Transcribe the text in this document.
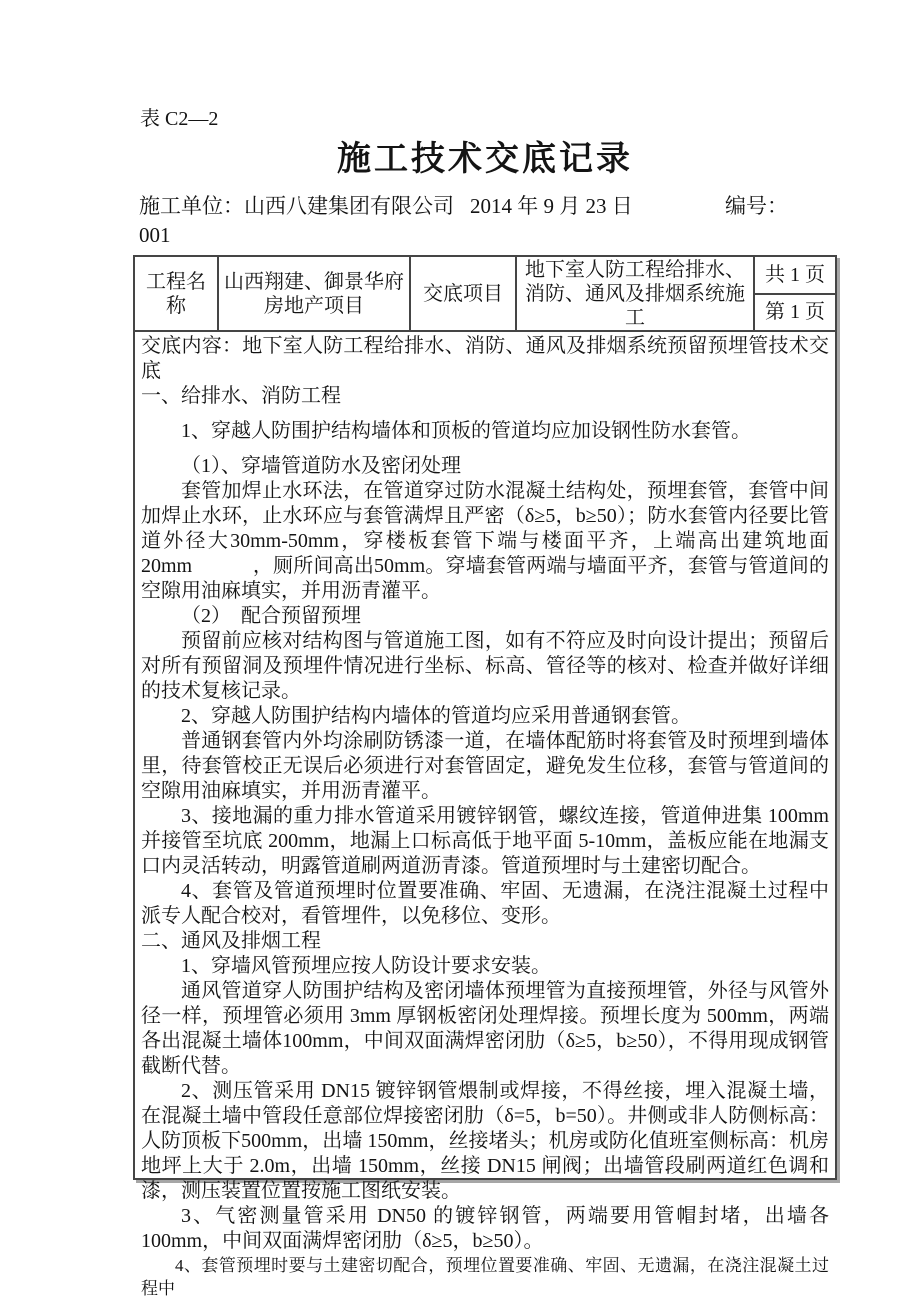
表 C2—2
施工技术交底记录
施工单位：山西八建集团有限公司 2014 年 9 月 23 日	编号：
001
工程名称
山西翔建、御景华府房地产项目
交底项目
地下室人防工程给排水、消防、通风及排烟系统施工
共 1 页
第 1 页

交底内容：地下室人防工程给排水、消防、通风及排烟系统预留预埋管技术交底

一、给排水、消防工程

1、穿越人防围护结构墙体和顶板的管道均应加设钢性防水套管。

（1）、穿墙管道防水及密闭处理

套管加焊止水环法，在管道穿过防水混凝土结构处，预埋套管，套管中间加焊止水环，止水环应与套管满焊且严密（δ≥5，b≥50）；防水套管内径要比管道外径大30mm-50mm，穿楼板套管下端与楼面平齐，上端高出建筑地面 20mm　　　，厕所间高出50mm。穿墙套管两端与墙面平齐，套管与管道间的空隙用油麻填实，并用沥青灌平。

（2）　配合预留预埋

预留前应核对结构图与管道施工图，如有不符应及时向设计提出；预留后对所有预留洞及预埋件情况进行坐标、标高、管径等的核对、检查并做好详细的技术复核记录。

2、穿越人防围护结构内墙体的管道均应采用普通钢套管。

普通钢套管内外均涂刷防锈漆一道，在墙体配筋时将套管及时预埋到墙体里，待套管校正无误后必须进行对套管固定，避免发生位移，套管与管道间的空隙用油麻填实，并用沥青灌平。

3、接地漏的重力排水管道采用镀锌钢管，螺纹连接，管道伸进集 100mm 并接管至坑底 200mm，地漏上口标高低于地平面 5-10mm，盖板应能在地漏支口内灵活转动，明露管道刷两道沥青漆。管道预埋时与土建密切配合。

4、套管及管道预埋时位置要准确、牢固、无遗漏，在浇注混凝土过程中派专人配合校对，看管埋件，以免移位、变形。

二、通风及排烟工程

1、穿墙风管预埋应按人防设计要求安装。

通风管道穿人防围护结构及密闭墙体预埋管为直接预埋管，外径与风管外径一样，预埋管必须用 3mm 厚钢板密闭处理焊接。预埋长度为 500mm，两端各出混凝土墙体100mm，中间双面满焊密闭肋（δ≥5，b≥50），不得用现成钢管截断代替。

2、测压管采用 DN15 镀锌钢管煨制或焊接，不得丝接，埋入混凝土墙，在混凝土墙中管段任意部位焊接密闭肋（δ=5，b=50）。井侧或非人防侧标高：人防顶板下500mm，出墙 150mm，丝接堵头；机房或防化值班室侧标高：机房地坪上大于 2.0m，出墙 150mm，丝接 DN15 闸阀；出墙管段刷两道红色调和漆，测压装置位置按施工图纸安装。

3、气密测量管采用 DN50 的镀锌钢管，两端要用管帽封堵，出墙各 100mm，中间双面满焊密闭肋（δ≥5，b≥50）。

4、套管预埋时要与土建密切配合，预埋位置要准确、牢固、无遗漏，在浇注混凝土过程中
